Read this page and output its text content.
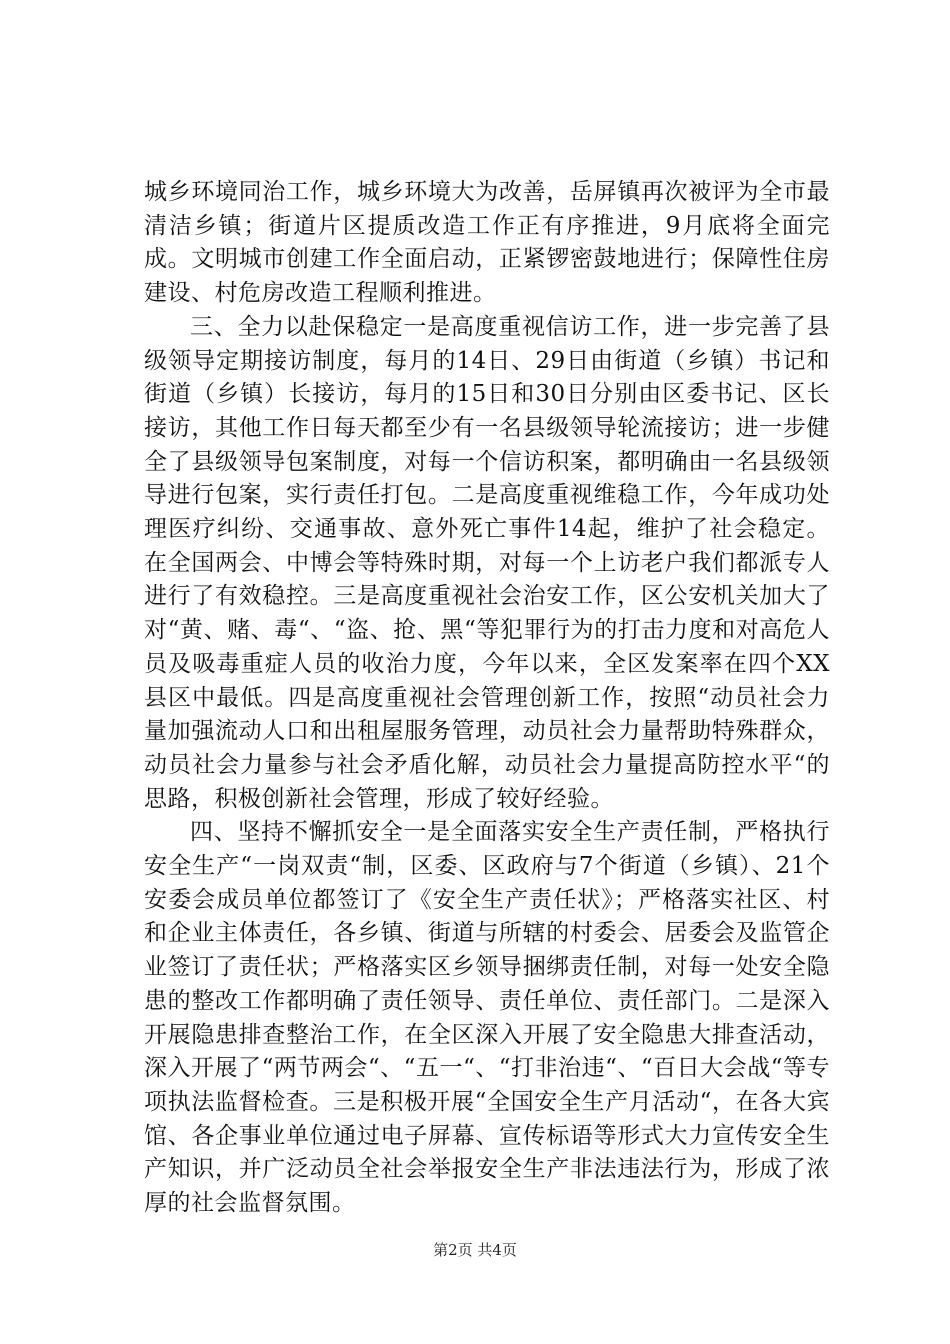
城乡环境同治工作，城乡环境大为改善，岳屏镇再次被评为全市最清洁乡镇；街道片区提质改造工作正有序推进，9月底将全面完成。文明城市创建工作全面启动，正紧锣密鼓地进行；保障性住房建设、村危房改造工程顺利推进。

三、全力以赴保稳定一是高度重视信访工作，进一步完善了县级领导定期接访制度，每月的14日、29日由街道（乡镇）书记和街道（乡镇）长接访，每月的15日和30日分别由区委书记、区长接访，其他工作日每天都至少有一名县级领导轮流接访；进一步健全了县级领导包案制度，对每一个信访积案，都明确由一名县级领导进行包案，实行责任打包。二是高度重视维稳工作，今年成功处理医疗纠纷、交通事故、意外死亡事件14起，维护了社会稳定。在全国两会、中博会等特殊时期，对每一个上访老户我们都派专人进行了有效稳控。三是高度重视社会治安工作，区公安机关加大了对“黄、赌、毒“、“盗、抢、黑“等犯罪行为的打击力度和对高危人员及吸毒重症人员的收治力度，今年以来，全区发案率在四个XX县区中最低。四是高度重视社会管理创新工作，按照“动员社会力量加强流动人口和出租屋服务管理，动员社会力量帮助特殊群众，动员社会力量参与社会矛盾化解，动员社会力量提高防控水平“的思路，积极创新社会管理，形成了较好经验。

四、坚持不懈抓安全一是全面落实安全生产责任制，严格执行安全生产“一岗双责“制，区委、区政府与7个街道（乡镇）、21个安委会成员单位都签订了《安全生产责任状》；严格落实社区、村和企业主体责任，各乡镇、街道与所辖的村委会、居委会及监管企业签订了责任状；严格落实区乡领导捆绑责任制，对每一处安全隐患的整改工作都明确了责任领导、责任单位、责任部门。二是深入开展隐患排查整治工作，在全区深入开展了安全隐患大排查活动，深入开展了“两节两会“、“五一“、“打非治违“、“百日大会战“等专项执法监督检查。三是积极开展“全国安全生产月活动“，在各大宾馆、各企事业单位通过电子屏幕、宣传标语等形式大力宣传安全生产知识，并广泛动员全社会举报安全生产非法违法行为，形成了浓厚的社会监督氛围。

第2页 共4页
